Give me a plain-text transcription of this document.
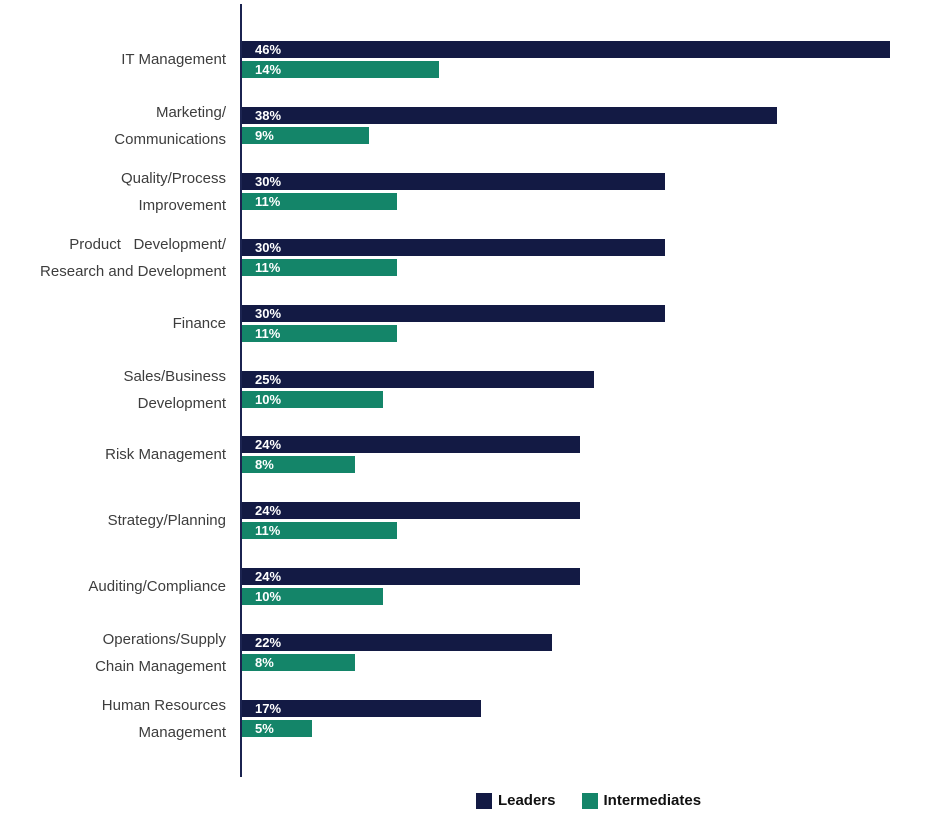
IT Management
46%
14%
Marketing/
Communications
38%
9%
Quality/Process
Improvement
30%
11%
Product   Development/
Research and Development
30%
11%
Finance
30%
11%
Sales/Business
Development
25%
10%
Risk Management
24%
8%
Strategy/Planning
24%
11%
Auditing/Compliance
24%
10%
Operations/Supply
Chain Management
22%
8%
Human Resources
Management
17%
5%
Leaders	Intermediates
